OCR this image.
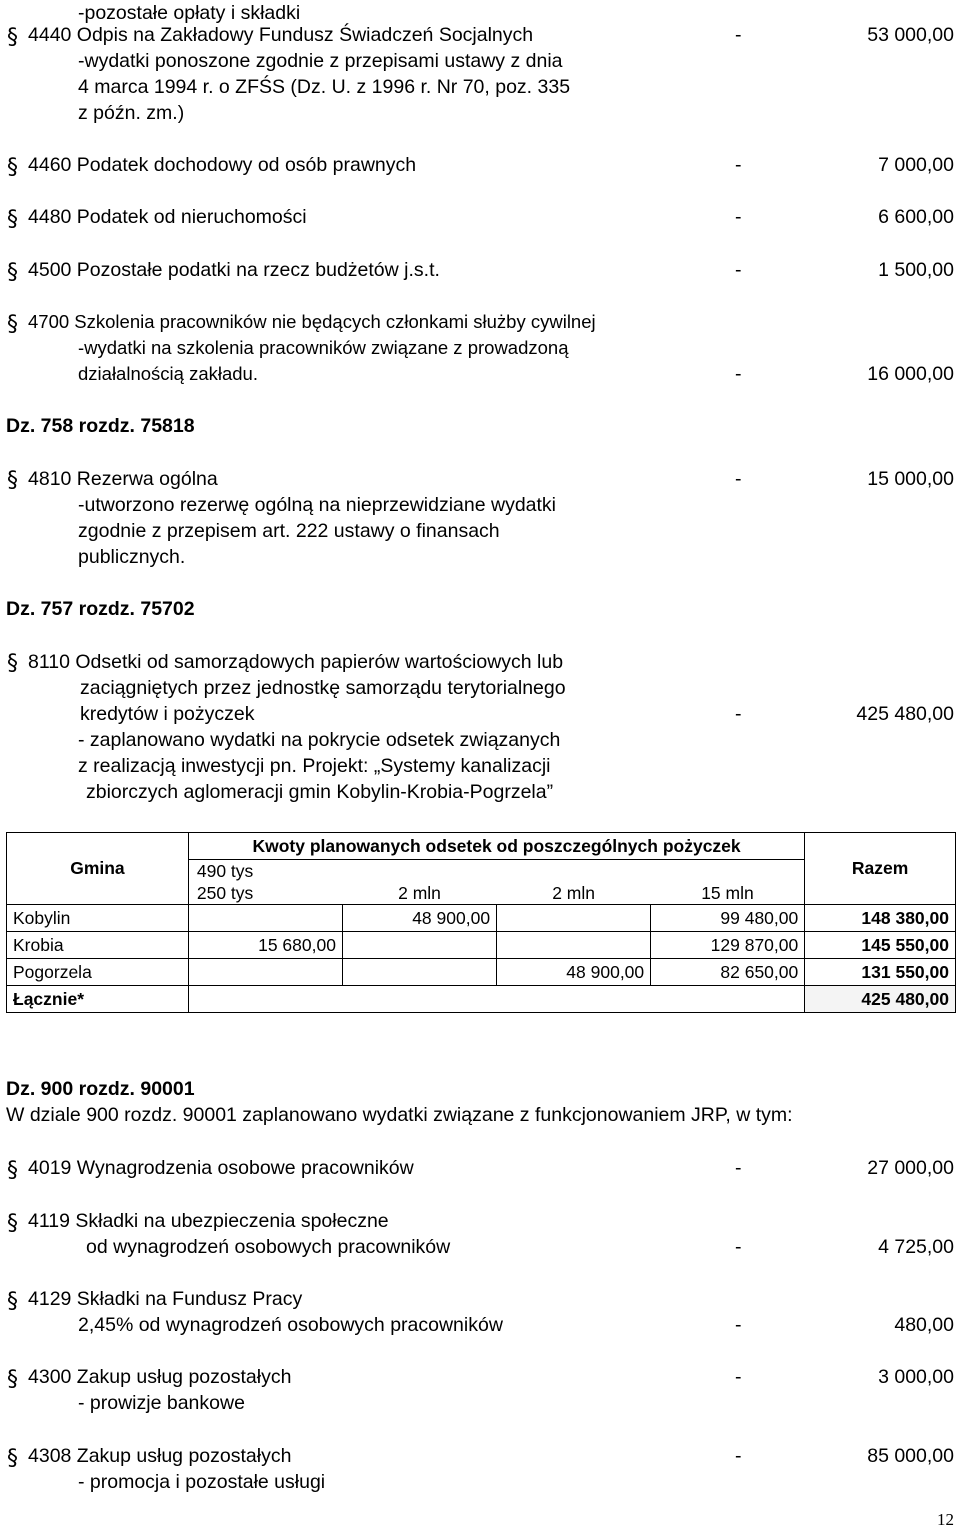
-pozostałe opłaty i składki
§ 4440 Odpis na Zakładowy Fundusz Świadczeń Socjalnych	-	53 000,00
-wydatki ponoszone zgodnie z przepisami ustawy z dnia
4 marca 1994 r. o ZFŚS (Dz. U. z 1996 r. Nr 70, poz. 335
z późn. zm.)
§ 4460 Podatek dochodowy od osób prawnych	-	7 000,00
§ 4480 Podatek od nieruchomości	-	6 600,00
§ 4500 Pozostałe podatki na rzecz budżetów j.s.t.	-	1 500,00
§ 4700 Szkolenia pracowników nie będących członkami służby cywilnej
-wydatki na szkolenia pracowników związane z prowadzoną
działalnością zakładu.	-	16 000,00
Dz. 758 rozdz. 75818
§ 4810 Rezerwa ogólna	-	15 000,00
-utworzono rezerwę ogólną na nieprzewidziane wydatki
zgodnie z przepisem art. 222 ustawy o finansach
publicznych.
Dz. 757 rozdz. 75702
§ 8110 Odsetki od samorządowych papierów wartościowych lub
zaciągniętych przez jednostkę samorządu terytorialnego
kredytów i pożyczek	-	425 480,00
- zaplanowano wydatki na pokrycie odsetek związanych
z realizacją inwestycji pn. Projekt: „Systemy kanalizacji
zbiorczych aglomeracji gmin Kobylin-Krobia-Pogrzela”
Gmina	Kwoty planowanych odsetek od poszczególnych pożyczek				Razem
	490 tys
250 tys	2 mln	2 mln	15 mln	
Kobylin		48 900,00		99 480,00	148 380,00
Krobia	15 680,00			129 870,00	145 550,00
Pogorzela			48 900,00	82 650,00	131 550,00
Łącznie*					425 480,00
Dz. 900 rozdz. 90001
W dziale 900 rozdz. 90001 zaplanowano wydatki związane z funkcjonowaniem JRP, w tym:
§ 4019 Wynagrodzenia osobowe pracowników	-	27 000,00
§ 4119 Składki na ubezpieczenia społeczne
od wynagrodzeń osobowych pracowników	-	4 725,00
§ 4129 Składki na Fundusz Pracy
2,45% od wynagrodzeń osobowych pracowników	-	480,00
§ 4300 Zakup usług pozostałych	-	3 000,00
- prowizje bankowe
§ 4308 Zakup usług pozostałych	-	85 000,00
- promocja i pozostałe usługi
12
